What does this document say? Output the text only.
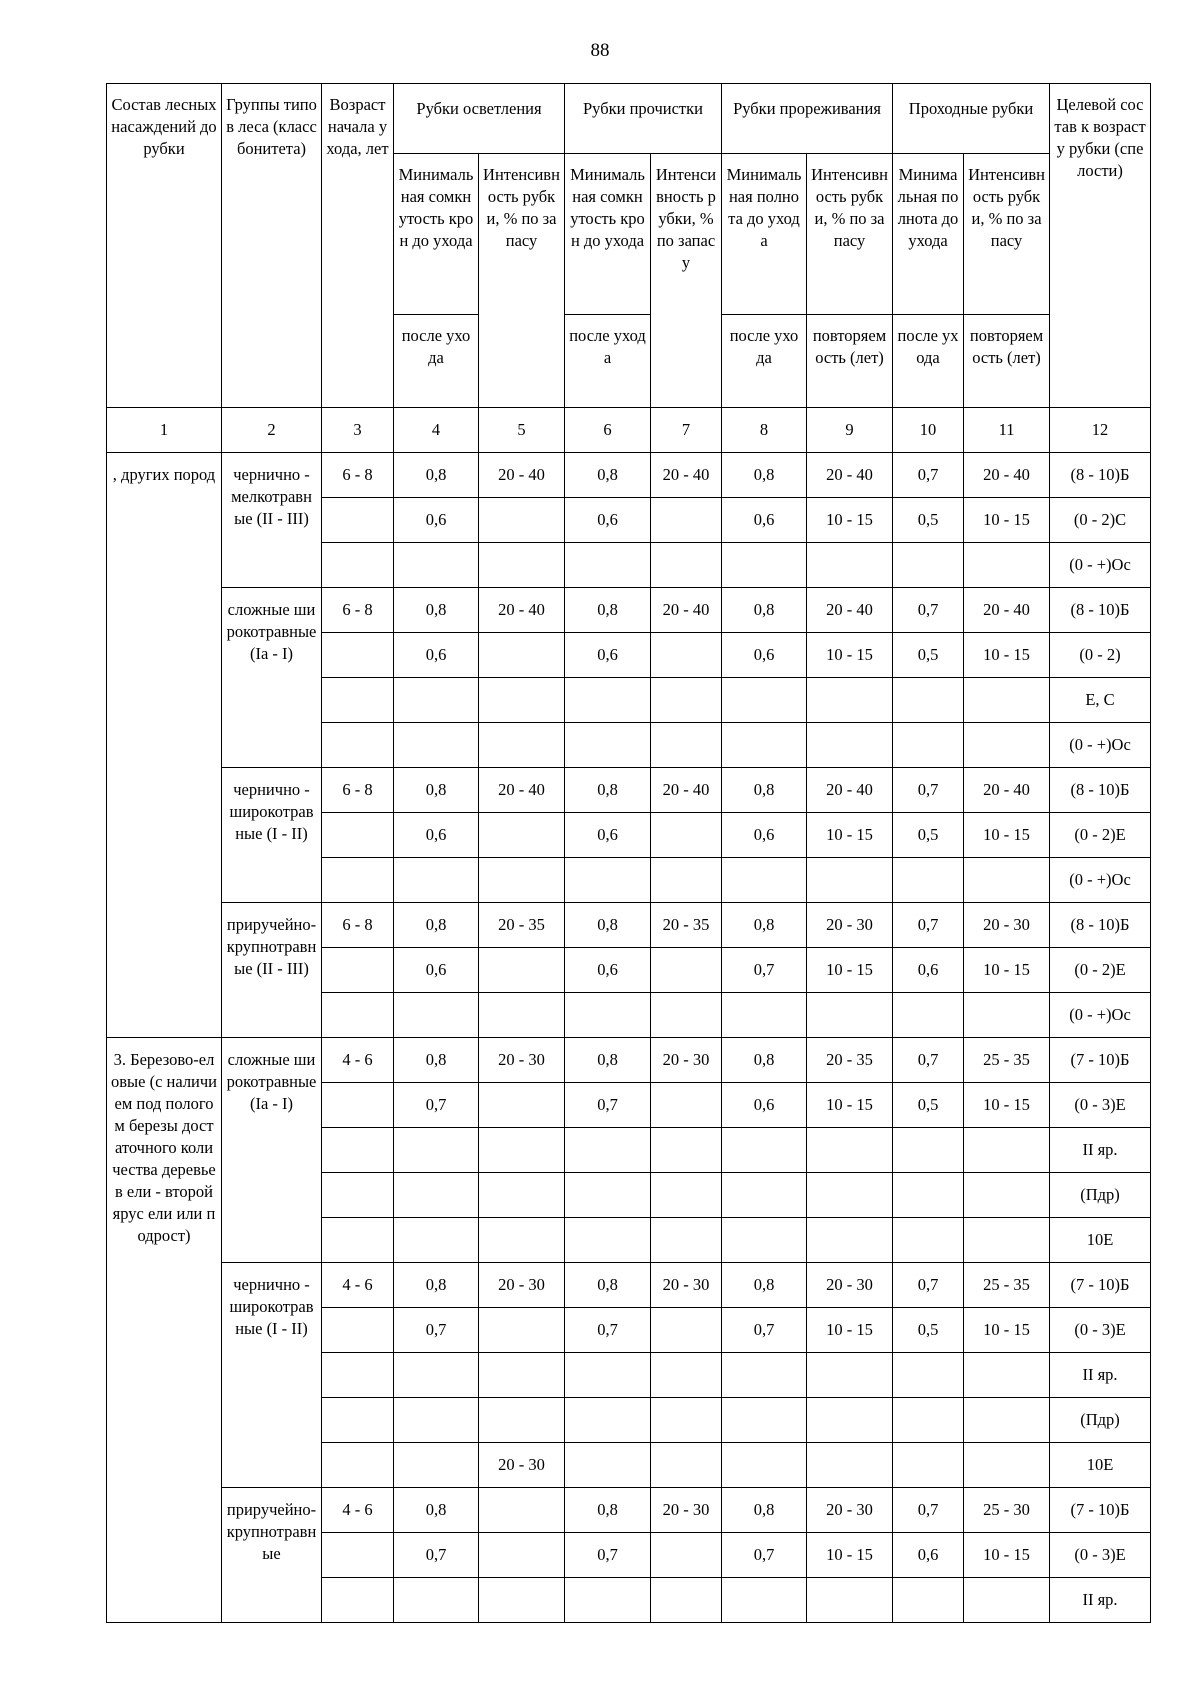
88
Состав лесных насаждений до рубки	Группы типов леса (класс бонитета)	Возраст начала ухода, лет	Рубки осветления		Рубки прочистки		Рубки прореживания		Проходные рубки		Целевой состав к возрасту рубки (спелости)
			Минимальная сомкнутость крон до ухода	Интенсивность рубки, % по запасу	Минимальная сомкнутость крон до ухода	Интенсивность рубки, % по запасу	Минимальная полнота до ухода	Интенсивность рубки, % по запасу	Минимальная полнота до ухода	Интенсивность рубки, % по запасу	
			после ухода		после ухода		после ухода	повторяемость (лет)	после ухода	повторяемость (лет)	
1	2	3	4	5	6	7	8	9	10	11	12
, других пород	чернично - мелкотравные (II - III)	6 - 8	0,8	20 - 40	0,8	20 - 40	0,8	20 - 40	0,7	20 - 40	(8 - 10)Б
			0,6		0,6		0,6	10 - 15	0,5	10 - 15	(0 - 2)С
											(0 - +)Ос
	сложные широкотравные (Ia - I)	6 - 8	0,8	20 - 40	0,8	20 - 40	0,8	20 - 40	0,7	20 - 40	(8 - 10)Б
			0,6		0,6		0,6	10 - 15	0,5	10 - 15	(0 - 2)
											Е, С
											(0 - +)Ос
	чернично - широкотравные (I - II)	6 - 8	0,8	20 - 40	0,8	20 - 40	0,8	20 - 40	0,7	20 - 40	(8 - 10)Б
			0,6		0,6		0,6	10 - 15	0,5	10 - 15	(0 - 2)Е
											(0 - +)Ос
	приручейно-крупнотравные (II - III)	6 - 8	0,8	20 - 35	0,8	20 - 35	0,8	20 - 30	0,7	20 - 30	(8 - 10)Б
			0,6		0,6		0,7	10 - 15	0,6	10 - 15	(0 - 2)Е
											(0 - +)Ос
3. Березово-еловые (с наличием под пологом березы достаточного количества деревьев ели - второй ярус ели или подрост)	сложные широкотравные (Ia - I)	4 - 6	0,8	20 - 30	0,8	20 - 30	0,8	20 - 35	0,7	25 - 35	(7 - 10)Б
			0,7		0,7		0,6	10 - 15	0,5	10 - 15	(0 - 3)Е
											II яр.
											(Пдр)
											10Е
	чернично - широкотравные (I - II)	4 - 6	0,8	20 - 30	0,8	20 - 30	0,8	20 - 30	0,7	25 - 35	(7 - 10)Б
			0,7		0,7		0,7	10 - 15	0,5	10 - 15	(0 - 3)Е
											II яр.
											(Пдр)
				20 - 30							10Е
	приручейно-крупнотравные	4 - 6	0,8		0,8	20 - 30	0,8	20 - 30	0,7	25 - 30	(7 - 10)Б
			0,7		0,7		0,7	10 - 15	0,6	10 - 15	(0 - 3)Е
											II яр.
